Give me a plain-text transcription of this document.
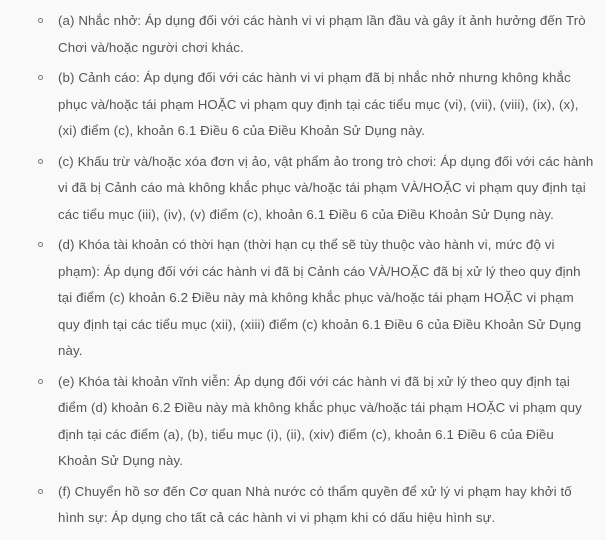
(a) Nhắc nhở: Áp dụng đối với các hành vi vi phạm lần đầu và gây ít ảnh hưởng đến Trò Chơi và/hoặc người chơi khác.
(b) Cảnh cáo: Áp dụng đối với các hành vi vi phạm đã bị nhắc nhở nhưng không khắc phục và/hoặc tái phạm HOẶC vi phạm quy định tại các tiểu mục (vi), (vii), (viii), (ix), (x), (xi) điểm (c), khoản 6.1 Điều 6 của Điều Khoản Sử Dụng này.
(c) Khấu trừ và/hoặc xóa đơn vị ảo, vật phẩm ảo trong trò chơi: Áp dụng đối với các hành vi đã bị Cảnh cáo mà không khắc phục và/hoặc tái phạm VÀ/HOẶC vi phạm quy định tại các tiểu mục (iii), (iv), (v) điểm (c), khoản 6.1 Điều 6 của Điều Khoản Sử Dụng này.
(d) Khóa tài khoản có thời hạn (thời hạn cụ thể sẽ tùy thuộc vào hành vi, mức độ vi phạm): Áp dụng đối với các hành vi đã bị Cảnh cáo VÀ/HOẶC đã bị xử lý theo quy định tại điểm (c) khoản 6.2 Điều này mà không khắc phục và/hoặc tái phạm HOẶC vi phạm quy định tại các tiểu mục (xii), (xiii) điểm (c) khoản 6.1 Điều 6 của Điều Khoản Sử Dụng này.
(e) Khóa tài khoản vĩnh viễn: Áp dụng đối với các hành vi đã bị xử lý theo quy định tại điểm (d) khoản 6.2 Điều này mà không khắc phục và/hoặc tái phạm HOẶC vi phạm quy định tại các điểm (a), (b), tiểu mục (i), (ii), (xiv) điểm (c), khoản 6.1 Điều 6 của Điều Khoản Sử Dụng này.
(f) Chuyển hồ sơ đến Cơ quan Nhà nước có thẩm quyền để xử lý vi phạm hay khởi tố hình sự: Áp dụng cho tất cả các hành vi vi phạm khi có dấu hiệu hình sự.
